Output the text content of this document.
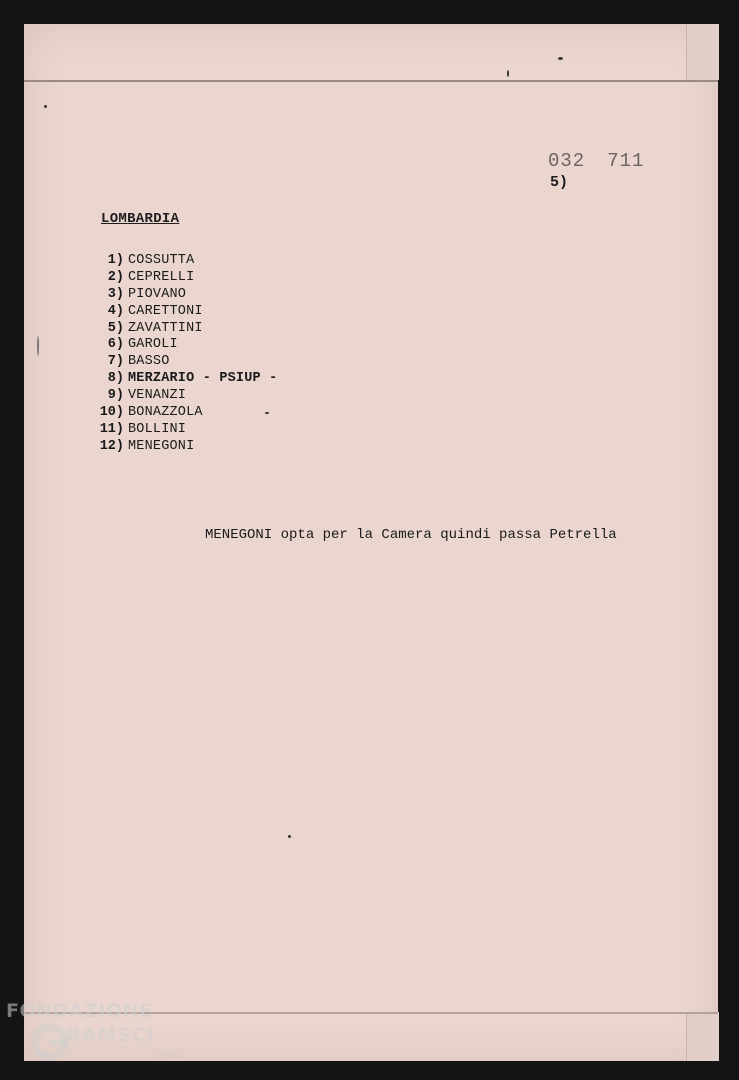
032 711
5)
LOMBARDIA
1) COSSUTTA
2) CEPRELLI
3) PIOVANO
4) CARETTONI
5) ZAVATTINI
6) GAROLI
7) BASSO
8) MERZARIO - PSIUP -
9) VENANZI
10) BONAZZOLA
11) BOLLINI
12) MENEGONI
MENEGONI opta per la Camera quindi passa Petrella
FONDAZIONE
RAMSCI
online
